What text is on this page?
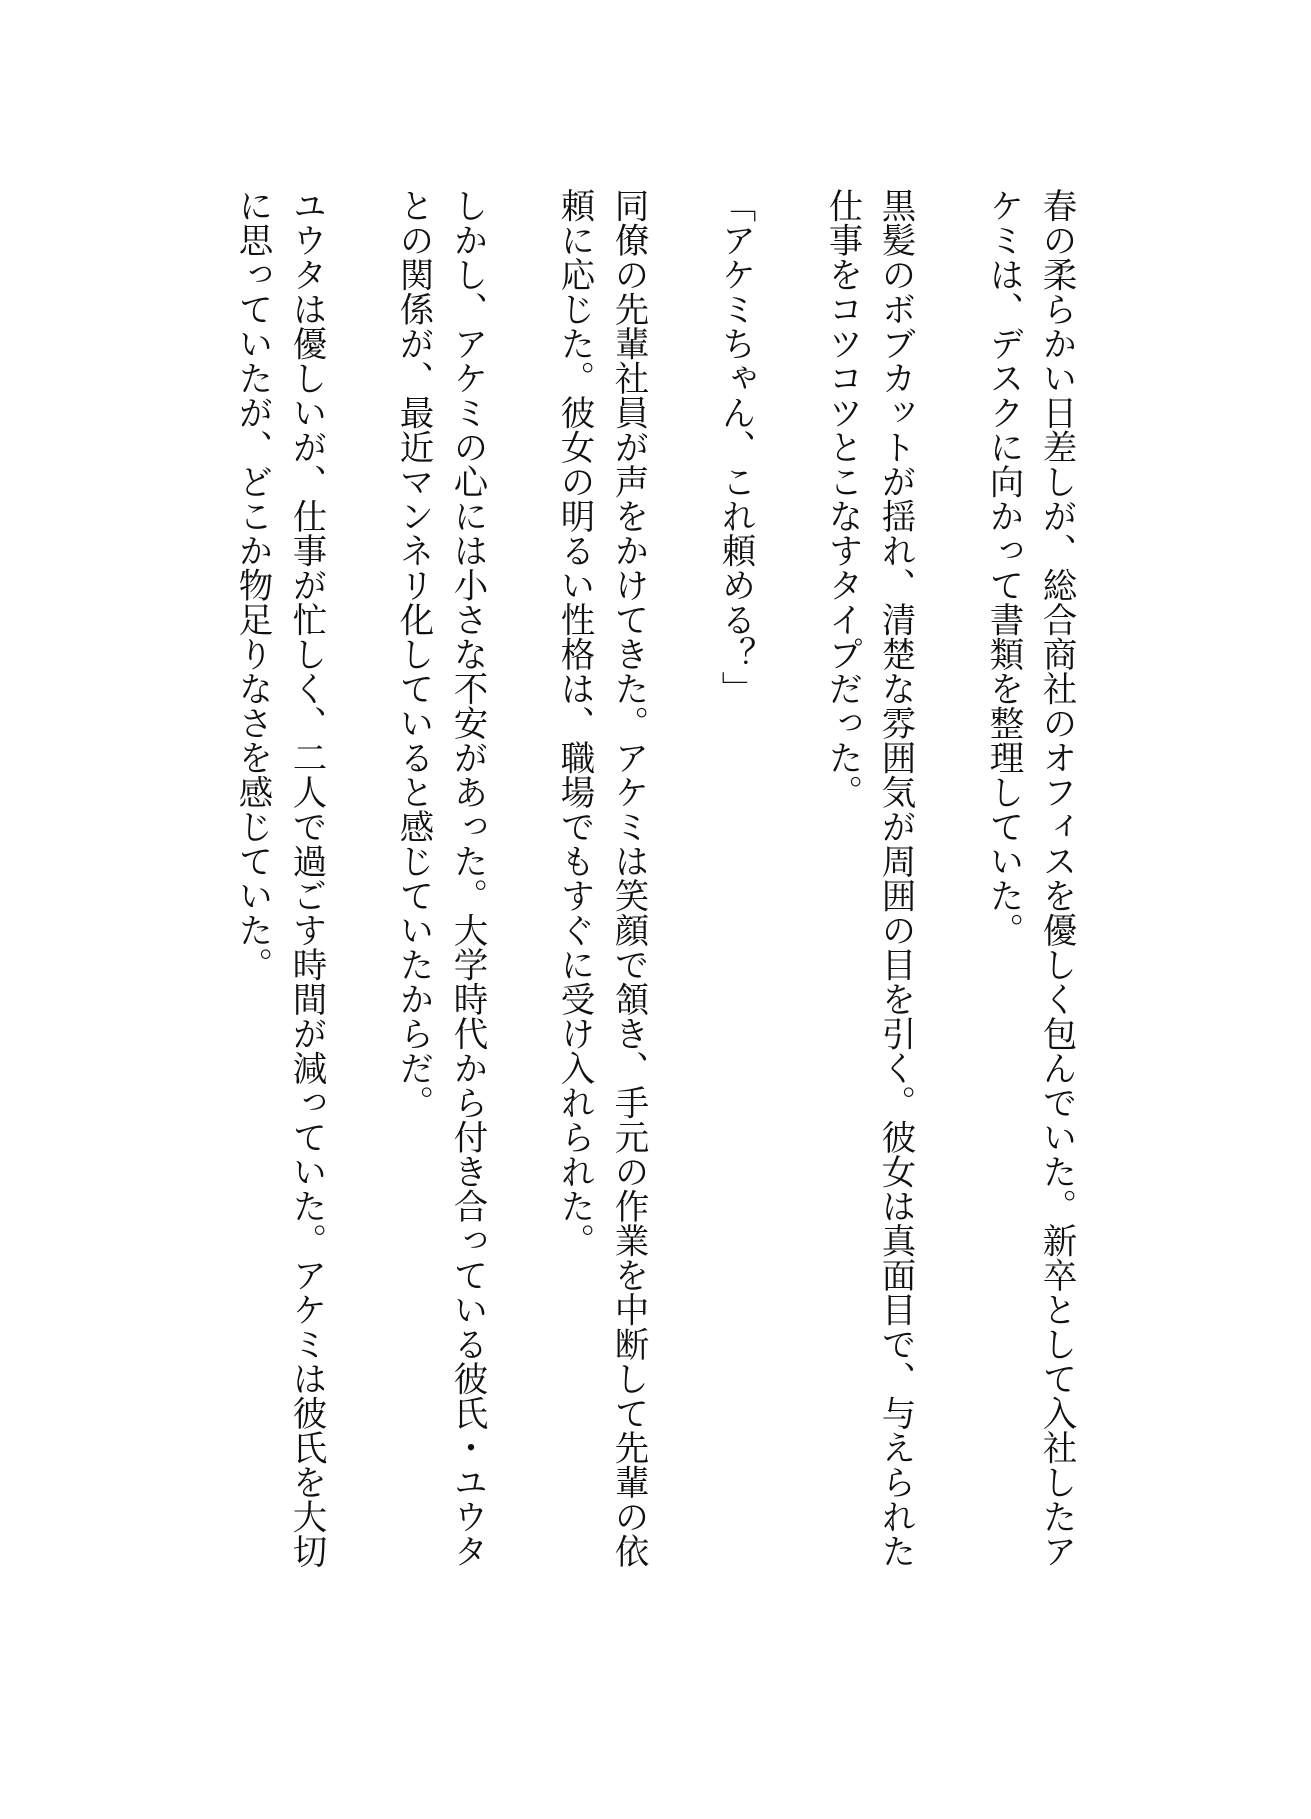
春の柔らかい日差しが、総合商社のオフィスを優しく包んでいた。新卒として入社したア
ケミは、デスクに向かって書類を整理していた。
黒髪のボブカットが揺れ、清楚な雰囲気が周囲の目を引く。彼女は真面目で、与えられた
仕事をコツコツとこなすタイプだった。
「アケミちゃん、これ頼める？」
同僚の先輩社員が声をかけてきた。アケミは笑顔で頷き、手元の作業を中断して先輩の依
頼に応じた。彼女の明るい性格は、職場でもすぐに受け入れられた。
しかし、アケミの心には小さな不安があった。大学時代から付き合っている彼氏・ユウタ
との関係が、最近マンネリ化していると感じていたからだ。
ユウタは優しいが、仕事が忙しく、二人で過ごす時間が減っていた。アケミは彼氏を大切
に思っていたが、どこか物足りなさを感じていた。
